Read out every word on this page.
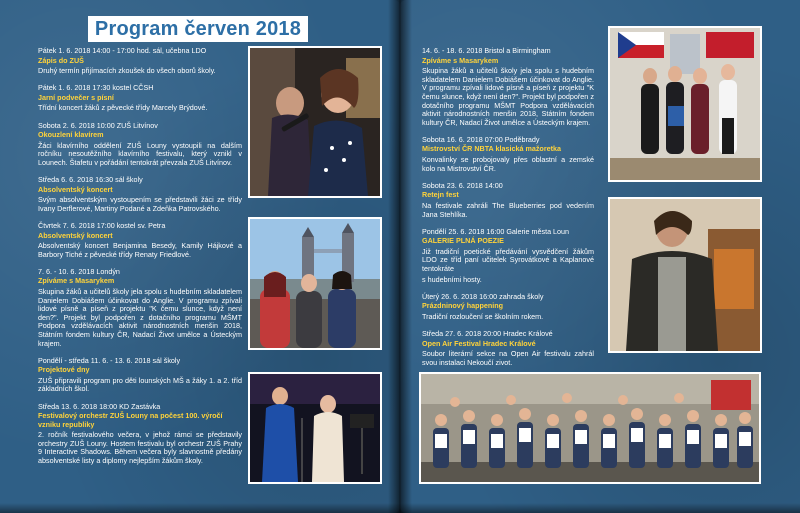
Program červen 2018
Pátek 1. 6. 2018 14:00 - 17:00 hod. sál, učebna LDO
Zápis do ZUŠ
Druhý termín přijímacích zkoušek do všech oborů školy.
Pátek 1. 6. 2018 17:30 kostel CČSH
Jarní podvečer s písní
Třídní koncert žáků z pěvecké třídy Marcely Brýdové.
Sobota 2. 6. 2018 10:00 ZUŠ Litvínov
Okouzlení klavírem
Žáci klavírního oddělení ZUŠ Louny vystoupili na dalším ročníku nesoutěžního klavírního festivalu, který vznikl v Lounech. Štafetu v pořádání tentokrát převzala ZUŠ Litvínov.
Středa 6. 6. 2018 16:30 sál školy
Absolventský koncert
Svým absolventským vystoupením se představili žáci ze třídy Ivany Derflerové, Martiny Podané a Zdeňka Patrovského.
Čtvrtek 7. 6. 2018 17:00 kostel sv. Petra
Absolventský koncert
Absolventský koncert Benjamina Besedy, Kamily Hájkové a Barbory Tiché z pěvecké třídy Renaty Friedlové.
7. 6. - 10. 6. 2018 Londýn
Zpíváme s Masarykem
Skupina žáků a učitelů školy jela spolu s hudebním skladatelem Danielem Dobiášem účinkovat do Anglie. V programu zpívali lidové písně a píseň z projektu "K čemu slunce, když není den?". Projekt byl podpořen z dotačního programu MŠMT Podpora vzdělávacích aktivit národnostních menšin 2018, Státním fondem kultury ČR, Nadací Život umělce a Ústeckým krajem.
Pondělí - středa 11. 6. - 13. 6. 2018 sál školy
Projektové dny
ZUŠ připravili program pro děti lounských MŠ a žáky 1. a 2. tříd základních škol.
Středa 13. 6. 2018 18:00 KD Zastávka
Festivalový orchestr ZUŠ Louny na počest 100. výročí vzniku republiky
2. ročník festivalového večera, v jehož rámci se představily orchestry ZUŠ Louny. Hostem festivalu byl orchestr ZUŠ Prahy 9 Interactive Shadows. Během večera byly slavnostně předány absolventské listy a diplomy nejlepším žákům školy.
14. 6. - 18. 6. 2018 Bristol a Birmingham
Zpíváme s Masarykem
Skupina žáků a učitelů školy jela spolu s hudebním skladatelem Danielem Dobiášem účinkovat do Anglie. V programu zpívali lidové písně a píseň z projektu "K čemu slunce, když není den?". Projekt byl podpořen z dotačního programu MŠMT Podpora vzdělávacích aktivit národnostních menšin 2018, Státním fondem kultury ČR, Nadací Život umělce a Ústeckým krajem.
Sobota 16. 6. 2018 07:00 Poděbrady
Mistrovství ČR NBTA klasická mažoretka
Konvalinky se probojovaly přes oblastní a zemské kolo na Mistrovství ČR.
Sobota 23. 6. 2018 14:00
Retejn fest
Na festivale zahráli The Blueberries pod vedením Jana Stehlíka.
Pondělí 25. 6. 2018 16:00 Galerie města Loun
GALERIE PLNÁ POEZIE
Již tradiční poetické předávání vysvědčení žákům LDO ze tříd paní učitelek Syrovátkové a Kaplanové tentokráte
s hudebními hosty.
Úterý 26. 6. 2018 16:00 zahrada školy
Prázdninový happening
Tradiční rozloučení se školním rokem.
Středa 27. 6. 2018 20:00 Hradec Králové
Open Air Festival Hradec Králové
Soubor literární sekce na Open Air festivalu zahrál svou instalaci Nekoučí zivot.
